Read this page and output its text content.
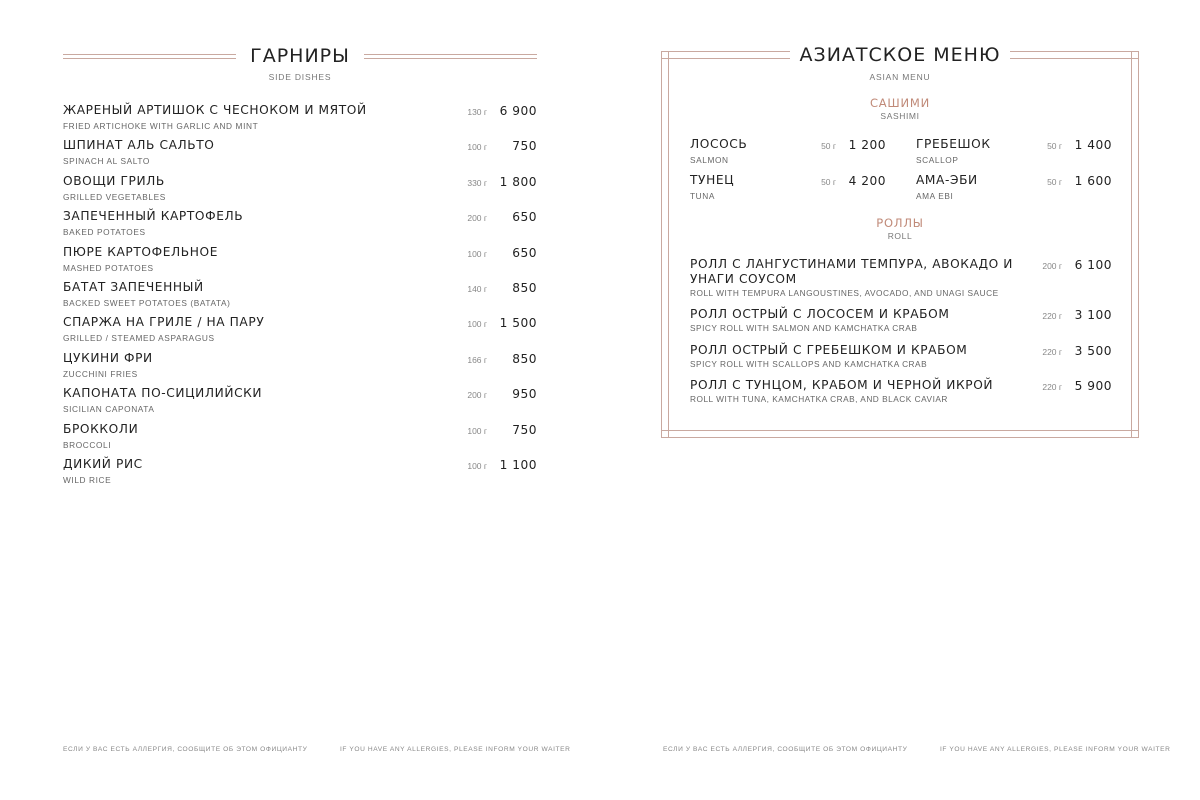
ГАРНИРЫ
SIDE DISHES
ЖАРЕНЫЙ АРТИШОК С ЧЕСНОКОМ И МЯТОЙ
FRIED ARTICHOKE WITH GARLIC AND MINT
130 г 6 900
ШПИНАТ АЛЬ САЛЬТО
SPINACH AL SALTO
100 г 750
ОВОЩИ ГРИЛЬ
GRILLED VEGETABLES
330 г 1 800
ЗАПЕЧЕННЫЙ КАРТОФЕЛЬ
BAKED POTATOES
200 г 650
ПЮРЕ КАРТОФЕЛЬНОЕ
MASHED POTATOES
100 г 650
БАТАТ ЗАПЕЧЕННЫЙ
BACKED SWEET POTATOES (BATATA)
140 г 850
СПАРЖА НА ГРИЛЕ / НА ПАРУ
GRILLED / STEAMED ASPARAGUS
100 г 1 500
ЦУКИНИ ФРИ
ZUCCHINI FRIES
166 г 850
КАПОНАТА ПО-СИЦИЛИЙСКИ
SICILIAN CAPONATA
200 г 950
БРОККОЛИ
BROCCOLI
100 г 750
ДИКИЙ РИС
WILD RICE
100 г 1 100
ЕСЛИ У ВАС ЕСТЬ АЛЛЕРГИЯ, СООБЩИТЕ ОБ ЭТОМ ОФИЦИАНТУ	IF YOU HAVE ANY ALLERGIES, PLEASE INFORM YOUR WAITER
АЗИАТСКОЕ МЕНЮ
ASIAN MENU
САШИМИ
SASHIMI
ЛОСОСЬ
SALMON
50 г 1 200 ГРЕБЕШОК
SCALLOP
50 г 1 400
ТУНЕЦ
TUNA
50 г 4 200 АМА-ЭБИ
AMA EBI
50 г 1 600
РОЛЛЫ
ROLL
РОЛЛ С ЛАНГУСТИНАМИ ТЕМПУРА, АВОКАДО И УНАГИ СОУСОМ
ROLL WITH TEMPURA LANGOUSTINES, AVOCADO, AND UNAGI SAUCE
200 г 6 100
РОЛЛ ОСТРЫЙ С ЛОСОСЕМ И КРАБОМ
SPICY ROLL WITH SALMON AND KAMCHATKA CRAB
220 г 3 100
РОЛЛ ОСТРЫЙ С ГРЕБЕШКОМ И КРАБОМ
SPICY ROLL WITH SCALLOPS AND KAMCHATKA CRAB
220 г 3 500
РОЛЛ С ТУНЦОМ, КРАБОМ И ЧЕРНОЙ ИКРОЙ
ROLL WITH TUNA, KAMCHATKA CRAB, AND BLACK CAVIAR
220 г 5 900
ЕСЛИ У ВАС ЕСТЬ АЛЛЕРГИЯ, СООБЩИТЕ ОБ ЭТОМ ОФИЦИАНТУ	IF YOU HAVE ANY ALLERGIES, PLEASE INFORM YOUR WAITER
